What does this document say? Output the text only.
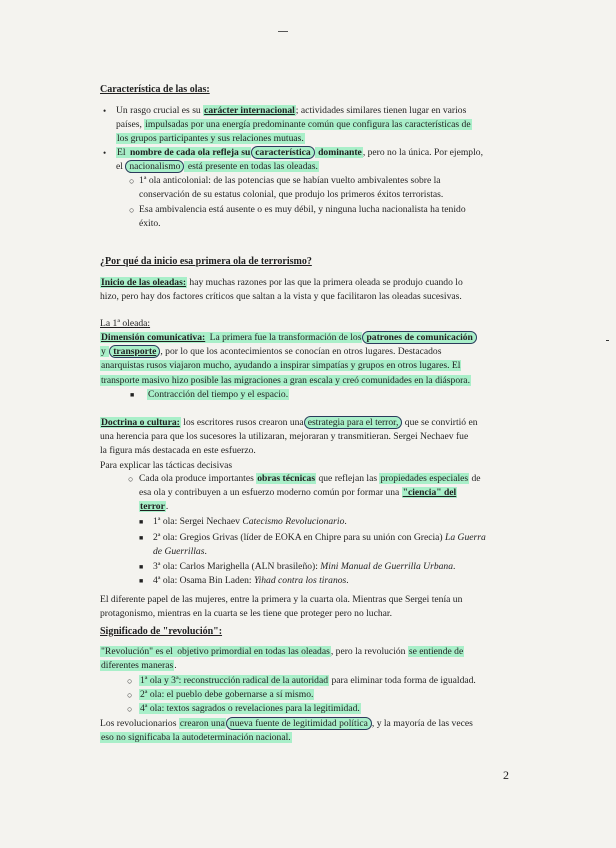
Característica de las olas:
• Un rasgo crucial es su carácter internacional; actividades similares tienen lugar en varios
países, impulsadas por una energía predominante común que configura las características de
los grupos participantes y sus relaciones mutuas.
• El nombre de cada ola refleja su característica dominante, pero no la única. Por ejemplo,
el nacionalismo está presente en todas las oleadas.
○ 1ª ola anticolonial: de las potencias que se habían vuelto ambivalentes sobre la
conservación de su estatus colonial, que produjo los primeros éxitos terroristas.
○ Esa ambivalencia está ausente o es muy débil, y ninguna lucha nacionalista ha tenido
éxito.
¿Por qué da inicio esa primera ola de terrorismo?
Inicio de las oleadas: hay muchas razones por las que la primera oleada se produjo cuando lo
hizo, pero hay dos factores críticos que saltan a la vista y que facilitaron las oleadas sucesivas.
La 1ª oleada:
Dimensión comunicativa: La primera fue la transformación de los patrones de comunicación
y transporte , por lo que los acontecimientos se conocían en otros lugares. Destacados
anarquistas rusos viajaron mucho, ayudando a inspirar simpatías y grupos en otros lugares. El
transporte masivo hizo posible las migraciones a gran escala y creó comunidades en la diáspora.
■ Contracción del tiempo y el espacio.
Doctrina o cultura: los escritores rusos crearon una estrategia para el terror, que se convirtió en
una herencia para que los sucesores la utilizaran, mejoraran y transmitieran. Sergei Nechaev fue
la figura más destacada en este esfuerzo.
Para explicar las tácticas decisivas
○ Cada ola produce importantes obras técnicas que reflejan las propiedades especiales de
esa ola y contribuyen a un esfuerzo moderno común por formar una "ciencia" del
terror.
■ 1ª ola: Sergei Nechaev Catecismo Revolucionario.
■ 2ª ola: Gregios Grivas (líder de EOKA en Chipre para su unión con Grecia) La Guerra
de Guerrillas.
■ 3ª ola: Carlos Marighella (ALN brasileño): Mini Manual de Guerrilla Urbana.
■ 4ª ola: Osama Bin Laden: Yihad contra los tiranos.
El diferente papel de las mujeres, entre la primera y la cuarta ola. Mientras que Sergei tenía un
protagonismo, mientras en la cuarta se les tiene que proteger pero no luchar.
Significado de "revolución":
"Revolución" es el objetivo primordial en todas las oleadas, pero la revolución se entiende de
diferentes maneras.
○ 1ª ola y 3ª: reconstrucción radical de la autoridad para eliminar toda forma de igualdad.
○ 2ª ola: el pueblo debe gobernarse a sí mismo.
○ 4ª ola: textos sagrados o revelaciones para la legitimidad.
Los revolucionarios crearon una nueva fuente de legitimidad política , y la mayoría de las veces
eso no significaba la autodeterminación nacional.
2
